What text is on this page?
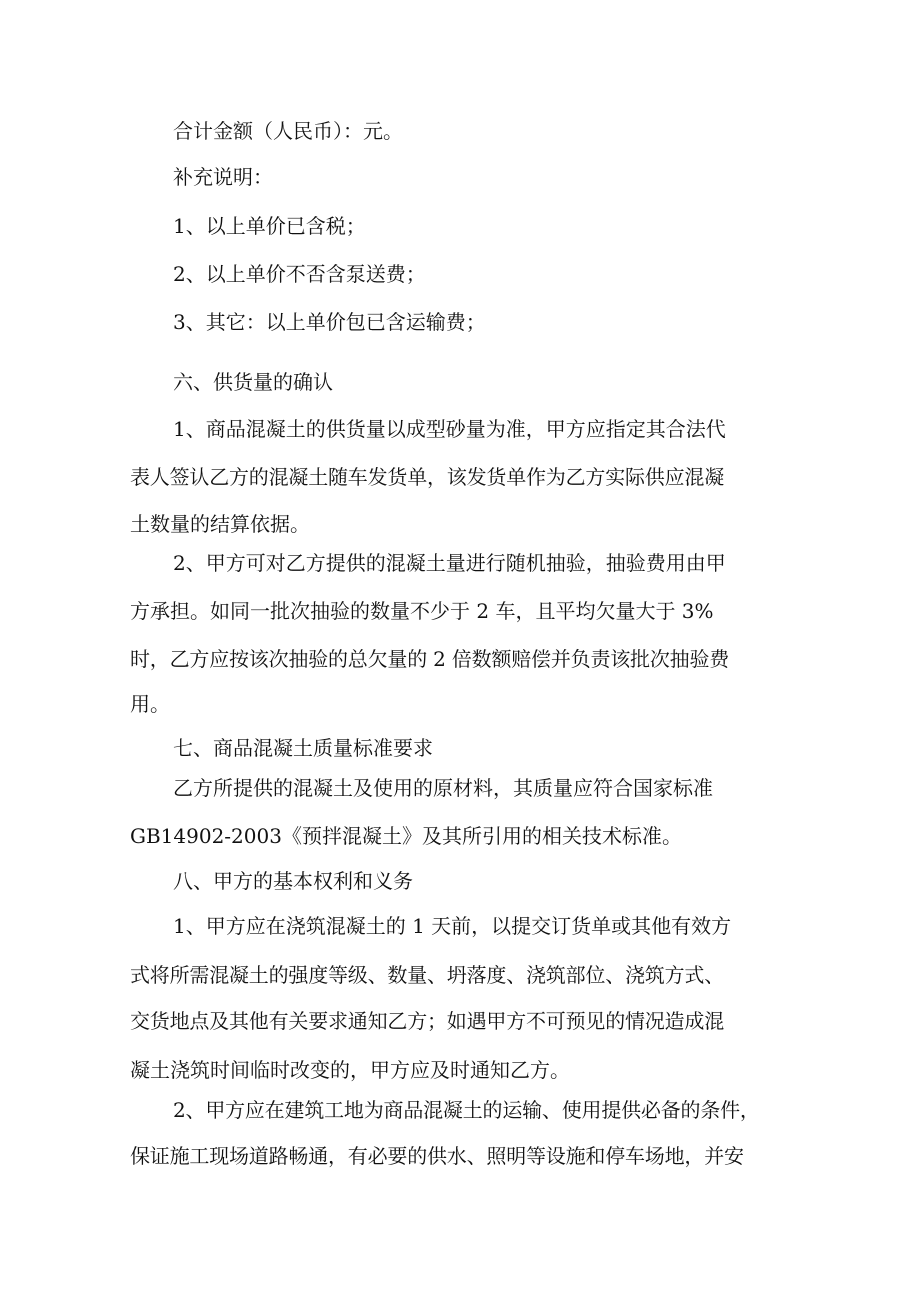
合计金额（人民币）：元。
补充说明：
1、以上单价已含税；
2、以上单价不否含泵送费；
3、其它：以上单价包已含运输费；
六、供货量的确认
1、商品混凝土的供货量以成型砂量为准，甲方应指定其合法代
表人签认乙方的混凝土随车发货单，该发货单作为乙方实际供应混凝
土数量的结算依据。
2、甲方可对乙方提供的混凝土量进行随机抽验，抽验费用由甲
方承担。如同一批次抽验的数量不少于 2 车，且平均欠量大于 3%
时，乙方应按该次抽验的总欠量的 2 倍数额赔偿并负责该批次抽验费
用。
七、商品混凝土质量标准要求
乙方所提供的混凝土及使用的原材料，其质量应符合国家标准
GB14902-2003《预拌混凝土》及其所引用的相关技术标准。
八、甲方的基本权利和义务
1、甲方应在浇筑混凝土的 1 天前，以提交订货单或其他有效方
式将所需混凝土的强度等级、数量、坍落度、浇筑部位、浇筑方式、
交货地点及其他有关要求通知乙方；如遇甲方不可预见的情况造成混
凝土浇筑时间临时改变的，甲方应及时通知乙方。
2、甲方应在建筑工地为商品混凝土的运输、使用提供必备的条件，
保证施工现场道路畅通，有必要的供水、照明等设施和停车场地，并安
